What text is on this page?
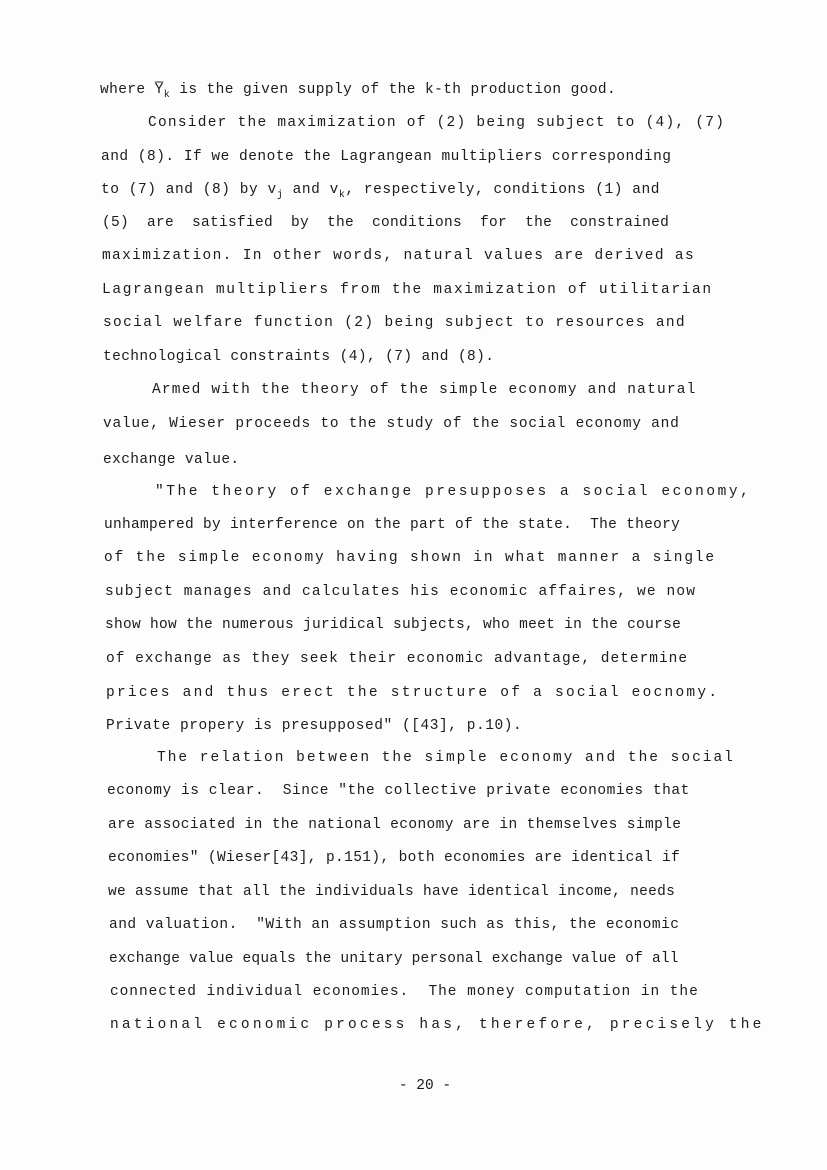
where $Y̅_k$ is the given supply of the k-th production good.
Consider the maximization of (2) being subject to (4), (7)
and (8). If we denote the Lagrangean multipliers corresponding
to (7) and (8) by $v_j$ and $v_k$, respectively, conditions (1) and
(5)  are  satisfied  by  the  conditions  for  the  constrained
maximization. In other words, natural values are derived as
Lagrangean multipliers from the maximization of utilitarian
social welfare function (2) being subject to resources and
technological constraints (4), (7) and (8).
Armed with the theory of the simple economy and natural
value, Wieser proceeds to the study of the social economy and
exchange value.
"The theory of exchange presupposes a social economy,
unhampered by interference on the part of the state.  The theory
of the simple economy having shown in what manner a single
subject manages and calculates his economic affaires, we now
show how the numerous juridical subjects, who meet in the course
of exchange as they seek their economic advantage, determine
prices and thus erect the structure of a social eocnomy.
Private propery is presupposed" ([43], p.10).
The relation between the simple economy and the social
economy is clear.  Since "the collective private economies that
are associated in the national economy are in themselves simple
economies" (Wieser[43], p.151), both economies are identical if
we assume that all the individuals have identical income, needs
and valuation.  "With an assumption such as this, the economic
exchange value equals the unitary personal exchange value of all
connected individual economies.  The money computation in the
national economic process has, therefore, precisely the
- 20 -
